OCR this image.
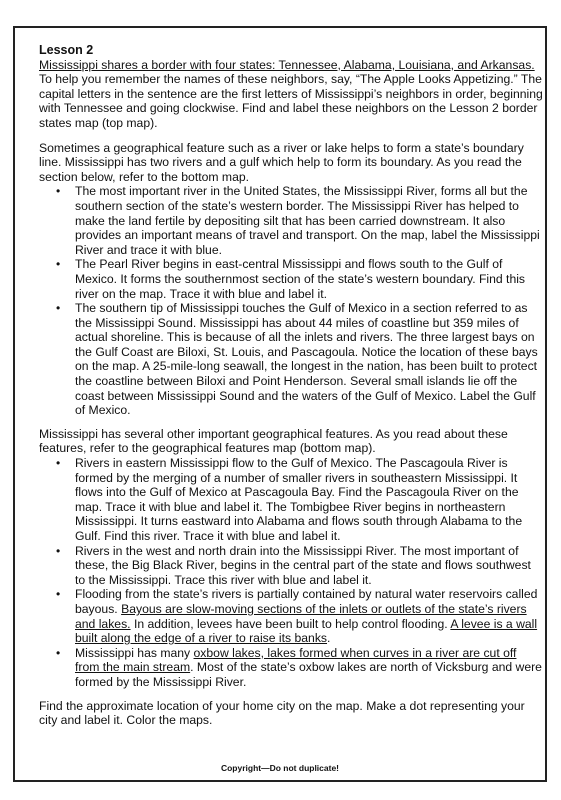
Lesson 2

Mississippi shares a border with four states: Tennessee, Alabama, Louisiana, and Arkansas. To help you remember the names of these neighbors, say, “The Apple Looks Appetizing.” The capital letters in the sentence are the first letters of Mississippi’s neighbors in order, beginning with Tennessee and going clockwise. Find and label these neighbors on the Lesson 2 border states map (top map).

Sometimes a geographical feature such as a river or lake helps to form a state’s boundary line. Mississippi has two rivers and a gulf which help to form its boundary. As you read the section below, refer to the bottom map.

• The most important river in the United States, the Mississippi River, forms all but the southern section of the state’s western border. The Mississippi River has helped to make the land fertile by depositing silt that has been carried downstream. It also provides an important means of travel and transport. On the map, label the Mississippi River and trace it with blue.
• The Pearl River begins in east-central Mississippi and flows south to the Gulf of Mexico. It forms the southernmost section of the state’s western boundary. Find this river on the map. Trace it with blue and label it.
• The southern tip of Mississippi touches the Gulf of Mexico in a section referred to as the Mississippi Sound. Mississippi has about 44 miles of coastline but 359 miles of actual shoreline. This is because of all the inlets and rivers. The three largest bays on the Gulf Coast are Biloxi, St. Louis, and Pascagoula. Notice the location of these bays on the map. A 25-mile-long seawall, the longest in the nation, has been built to protect the coastline between Biloxi and Point Henderson. Several small islands lie off the coast between Mississippi Sound and the waters of the Gulf of Mexico. Label the Gulf of Mexico.

Mississippi has several other important geographical features. As you read about these features, refer to the geographical features map (bottom map).

• Rivers in eastern Mississippi flow to the Gulf of Mexico. The Pascagoula River is formed by the merging of a number of smaller rivers in southeastern Mississippi. It flows into the Gulf of Mexico at Pascagoula Bay. Find the Pascagoula River on the map. Trace it with blue and label it. The Tombigbee River begins in northeastern Mississippi. It turns eastward into Alabama and flows south through Alabama to the Gulf. Find this river. Trace it with blue and label it.
• Rivers in the west and north drain into the Mississippi River. The most important of these, the Big Black River, begins in the central part of the state and flows southwest to the Mississippi. Trace this river with blue and label it.
• Flooding from the state’s rivers is partially contained by natural water reservoirs called bayous. Bayous are slow-moving sections of the inlets or outlets of the state’s rivers and lakes. In addition, levees have been built to help control flooding. A levee is a wall built along the edge of a river to raise its banks.
• Mississippi has many oxbow lakes, lakes formed when curves in a river are cut off from the main stream. Most of the state’s oxbow lakes are north of Vicksburg and were formed by the Mississippi River.

Find the approximate location of your home city on the map. Make a dot representing your city and label it. Color the maps.

Copyright—Do not duplicate!
